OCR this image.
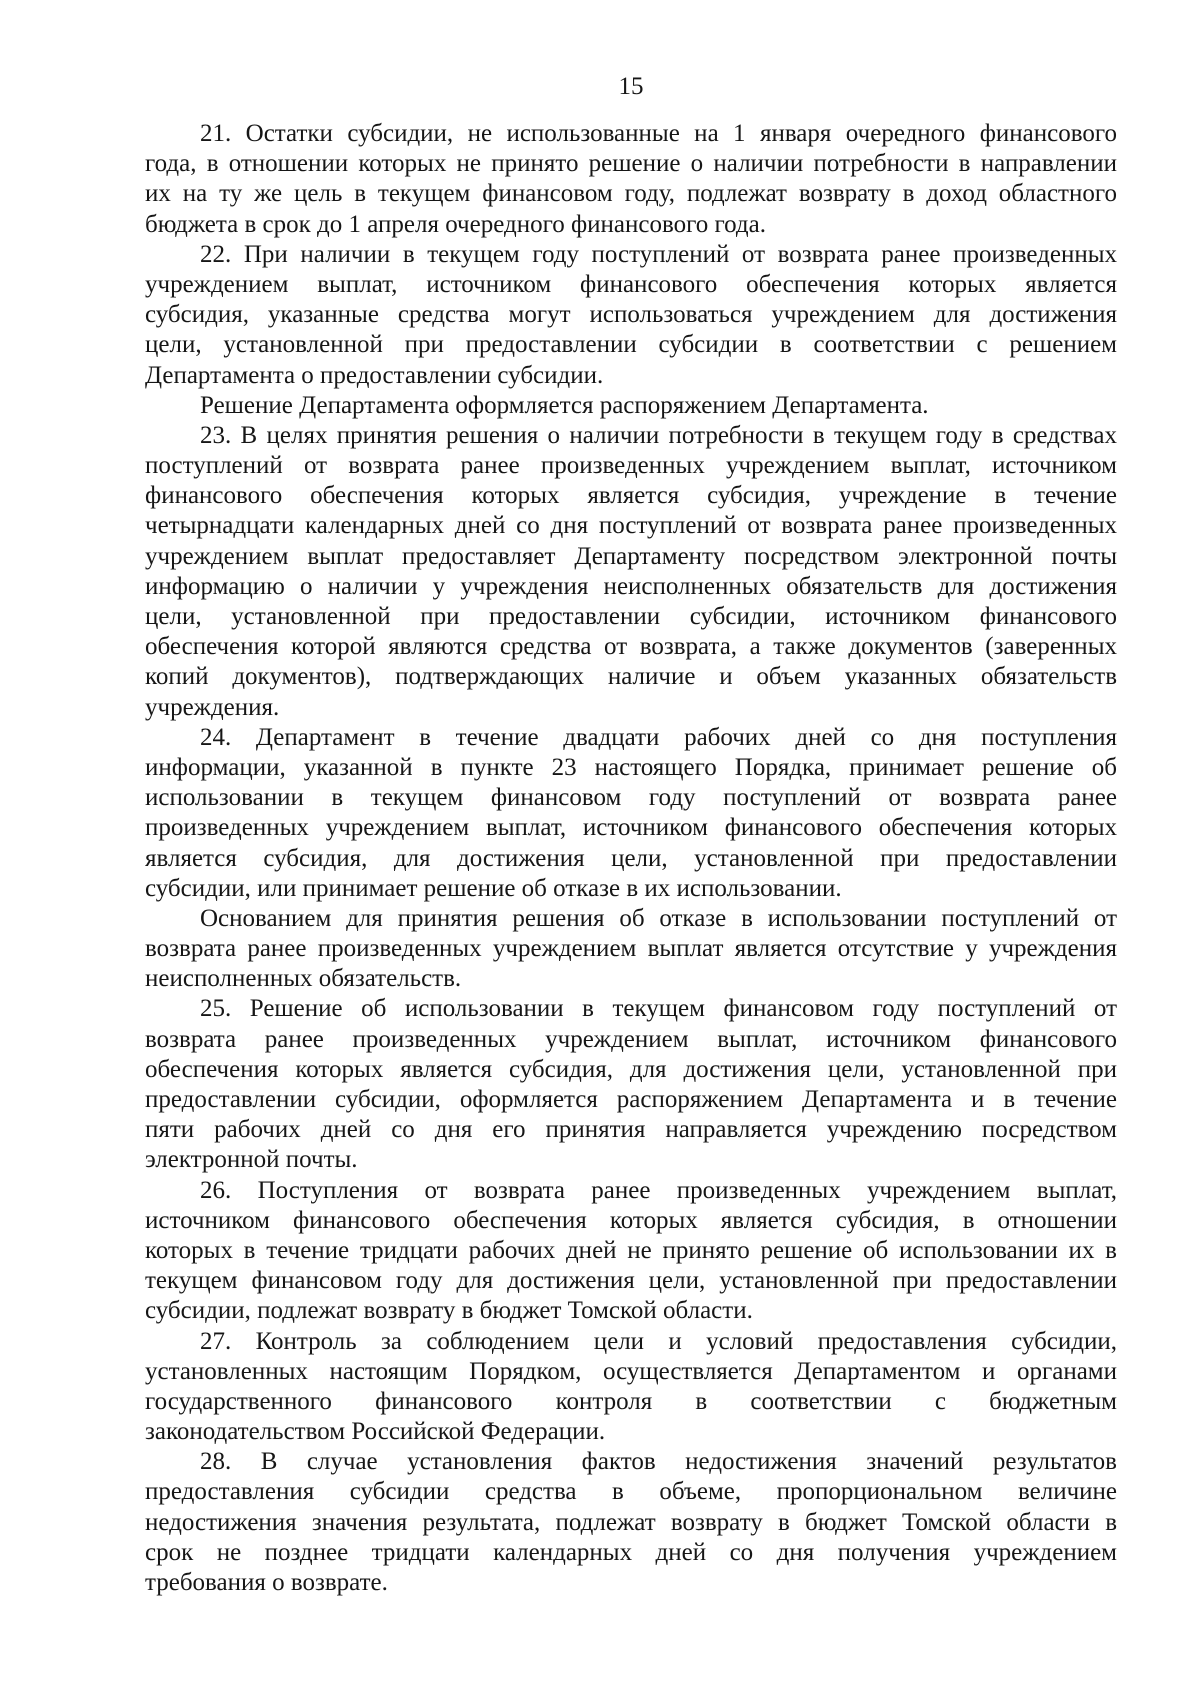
15
21. Остатки субсидии, не использованные на 1 января очередного финансового
года, в отношении которых не принято решение о наличии потребности в направлении
их на ту же цель в текущем финансовом году, подлежат возврату в доход областного
бюджета в срок до 1 апреля очередного финансового года.
22. При наличии в текущем году поступлений от возврата ранее произведенных
учреждением выплат, источником финансового обеспечения которых является
субсидия, указанные средства могут использоваться учреждением для достижения
цели, установленной при предоставлении субсидии в соответствии с решением
Департамента о предоставлении субсидии.
Решение Департамента оформляется распоряжением Департамента.
23. В целях принятия решения о наличии потребности в текущем году в средствах
поступлений от возврата ранее произведенных учреждением выплат, источником
финансового обеспечения которых является субсидия, учреждение в течение
четырнадцати календарных дней со дня поступлений от возврата ранее произведенных
учреждением выплат предоставляет Департаменту посредством электронной почты
информацию о наличии у учреждения неисполненных обязательств для достижения
цели, установленной при предоставлении субсидии, источником финансового
обеспечения которой являются средства от возврата, а также документов (заверенных
копий документов), подтверждающих наличие и объем указанных обязательств
учреждения.
24. Департамент в течение двадцати рабочих дней со дня поступления
информации, указанной в пункте 23 настоящего Порядка, принимает решение об
использовании в текущем финансовом году поступлений от возврата ранее
произведенных учреждением выплат, источником финансового обеспечения которых
является субсидия, для достижения цели, установленной при предоставлении
субсидии, или принимает решение об отказе в их использовании.
Основанием для принятия решения об отказе в использовании поступлений от
возврата ранее произведенных учреждением выплат является отсутствие у учреждения
неисполненных обязательств.
25. Решение об использовании в текущем финансовом году поступлений от
возврата ранее произведенных учреждением выплат, источником финансового
обеспечения которых является субсидия, для достижения цели, установленной при
предоставлении субсидии, оформляется распоряжением Департамента и в течение
пяти рабочих дней со дня его принятия направляется учреждению посредством
электронной почты.
26. Поступления от возврата ранее произведенных учреждением выплат,
источником финансового обеспечения которых является субсидия, в отношении
которых в течение тридцати рабочих дней не принято решение об использовании их в
текущем финансовом году для достижения цели, установленной при предоставлении
субсидии, подлежат возврату в бюджет Томской области.
27. Контроль за соблюдением цели и условий предоставления субсидии,
установленных настоящим Порядком, осуществляется Департаментом и органами
государственного финансового контроля в соответствии с бюджетным
законодательством Российской Федерации.
28. В случае установления фактов недостижения значений результатов
предоставления субсидии средства в объеме, пропорциональном величине
недостижения значения результата, подлежат возврату в бюджет Томской области в
срок не позднее тридцати календарных дней со дня получения учреждением
требования о возврате.
